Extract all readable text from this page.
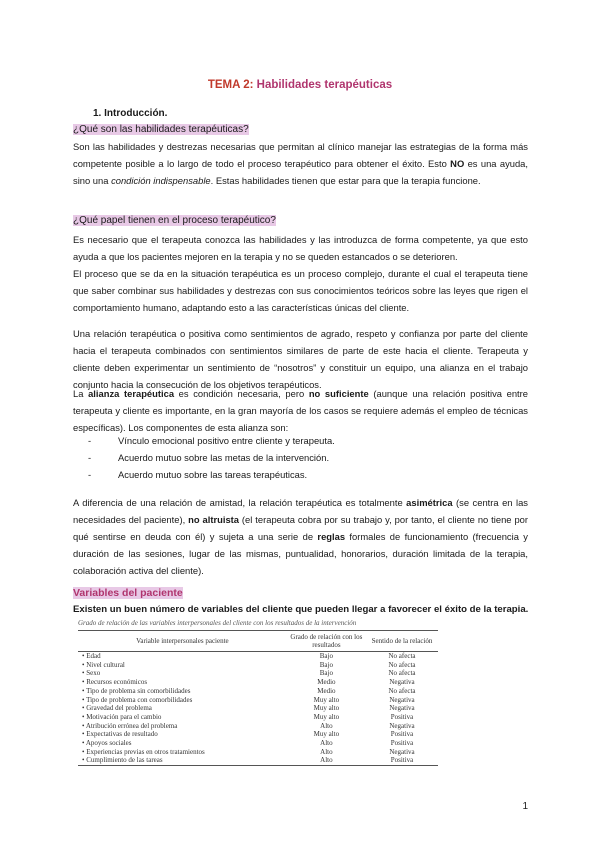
TEMA 2: Habilidades terapéuticas
1. Introducción.
¿Qué son las habilidades terapéuticas?
Son las habilidades y destrezas necesarias que permitan al clínico manejar las estrategias de la forma más competente posible a lo largo de todo el proceso terapéutico para obtener el éxito. Esto NO es una ayuda, sino una condición indispensable. Estas habilidades tienen que estar para que la terapia funcione.
¿Qué papel tienen en el proceso terapéutico?
Es necesario que el terapeuta conozca las habilidades y las introduzca de forma competente, ya que esto ayuda a que los pacientes mejoren en la terapia y no se queden estancados o se deterioren.
El proceso que se da en la situación terapéutica es un proceso complejo, durante el cual el terapeuta tiene que saber combinar sus habilidades y destrezas con sus conocimientos teóricos sobre las leyes que rigen el comportamiento humano, adaptando esto a las características únicas del cliente.
Una relación terapéutica o positiva como sentimientos de agrado, respeto y confianza por parte del cliente hacia el terapeuta combinados con sentimientos similares de parte de este hacia el cliente. Terapeuta y cliente deben experimentar un sentimiento de “nosotros” y constituir un equipo, una alianza en el trabajo conjunto hacia la consecución de los objetivos terapéuticos.
La alianza terapéutica es condición necesaria, pero no suficiente (aunque una relación positiva entre terapeuta y cliente es importante, en la gran mayoría de los casos se requiere además el empleo de técnicas específicas). Los componentes de esta alianza son:
-	Vínculo emocional positivo entre cliente y terapeuta.
-	Acuerdo mutuo sobre las metas de la intervención.
-	Acuerdo mutuo sobre las tareas terapéuticas.
A diferencia de una relación de amistad, la relación terapéutica es totalmente asimétrica (se centra en las necesidades del paciente), no altruista (el terapeuta cobra por su trabajo y, por tanto, el cliente no tiene por qué sentirse en deuda con él) y sujeta a una serie de reglas formales de funcionamiento (frecuencia y duración de las sesiones, lugar de las mismas, puntualidad, honorarios, duración limitada de la terapia, colaboración activa del cliente).
Variables del paciente
Existen un buen número de variables del cliente que pueden llegar a favorecer el éxito de la terapia.
Grado de relación de las variables interpersonales del cliente con los resultados de la intervención
Variable interpersonales paciente	Grado de relación con los resultados	Sentido de la relación
• Edad	Bajo	No afecta
• Nivel cultural	Bajo	No afecta
• Sexo	Bajo	No afecta
• Recursos económicos	Medio	Negativa
• Tipo de problema sin comorbilidades	Medio	No afecta
• Tipo de problema con comorbilidades	Muy alto	Negativa
• Gravedad del problema	Muy alto	Negativa
• Motivación para el cambio	Muy alto	Positiva
• Atribución errónea del problema	Alto	Negativa
• Expectativas de resultado	Muy alto	Positiva
• Apoyos sociales	Alto	Positiva
• Experiencias previas en otros tratamientos	Alto	Negativa
• Cumplimiento de las tareas	Alto	Positiva
1
